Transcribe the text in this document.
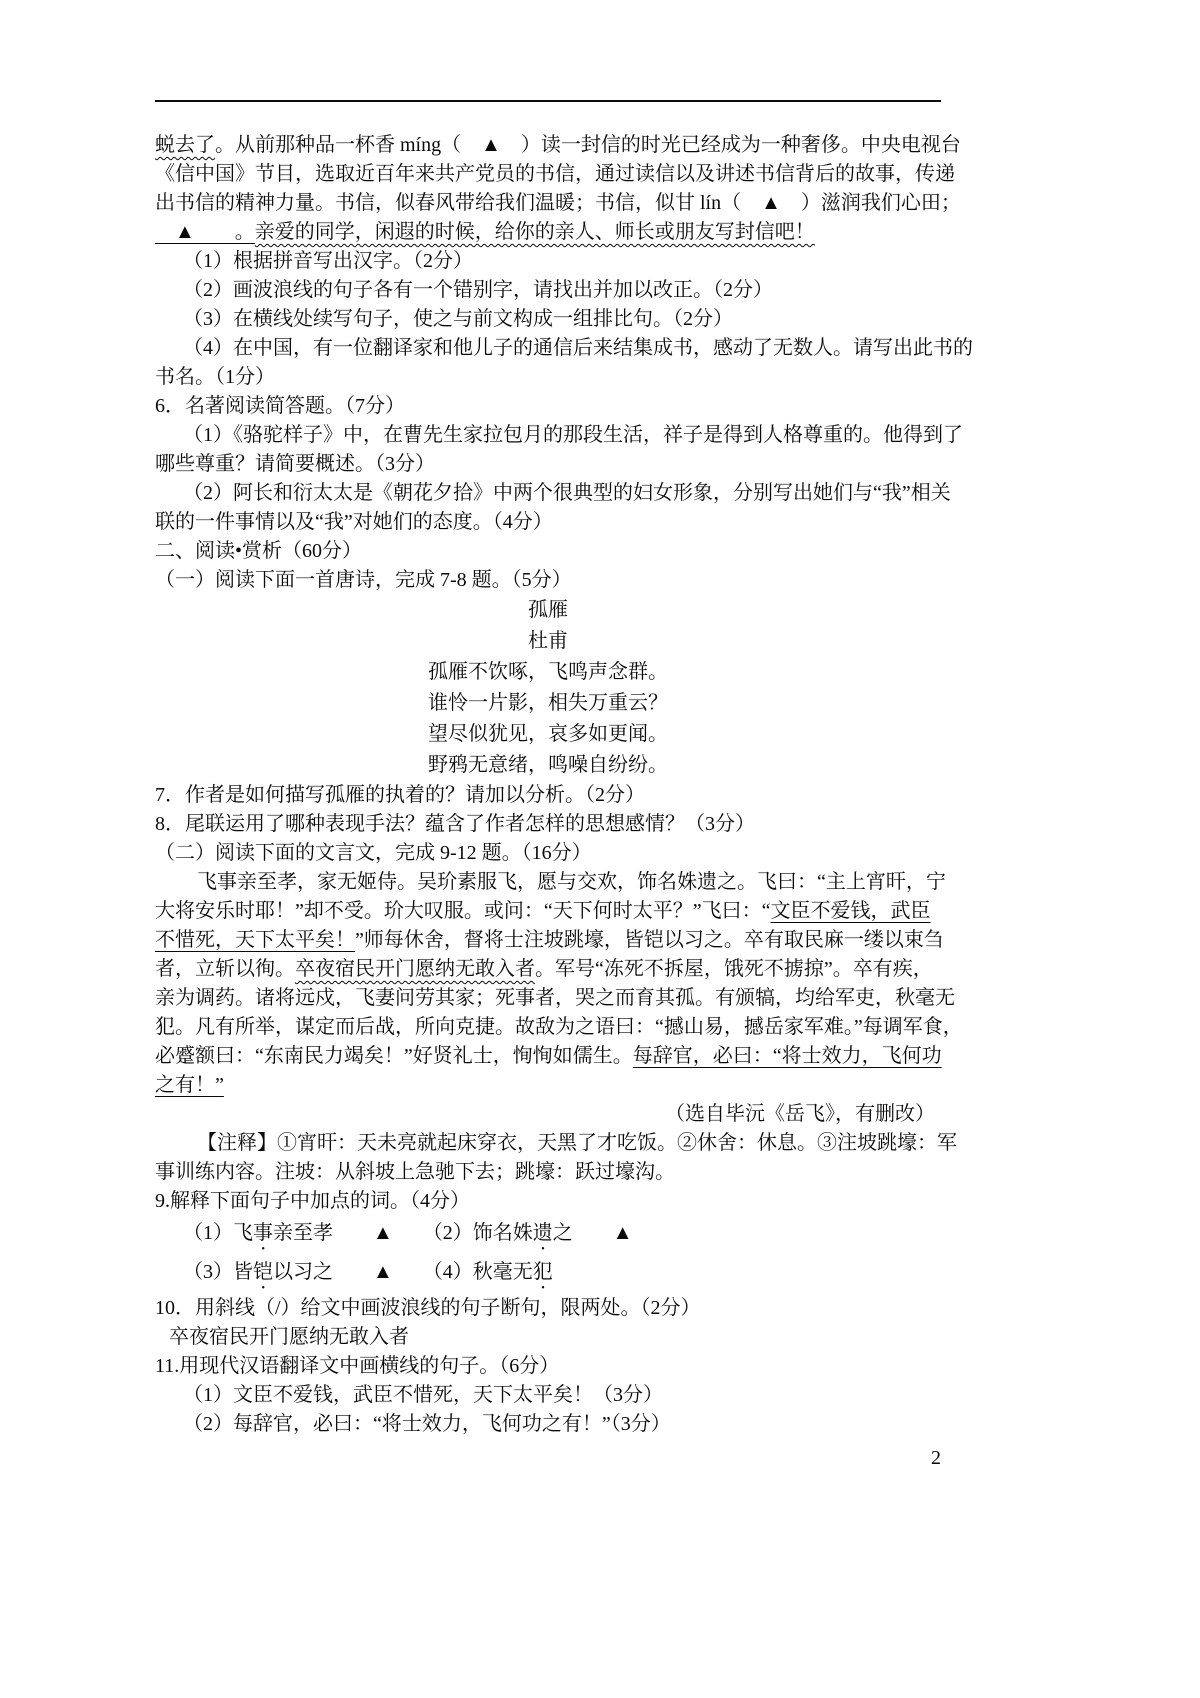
蜕去了。从前那种品一杯香 míng（　▲　）读一封信的时光已经成为一种奢侈。中央电视台
《信中国》节目，选取近百年来共产党员的书信，通过读信以及讲述书信背后的故事，传递
出书信的精神力量。书信，似春风带给我们温暖；书信，似甘 lín（　▲　）滋润我们心田；
　▲　　。亲爱的同学，闲遐的时候，给你的亲人、师长或朋友写封信吧！
（1）根据拼音写出汉字。（2分）
（2）画波浪线的句子各有一个错别字，请找出并加以改正。（2分）
（3）在横线处续写句子，使之与前文构成一组排比句。（2分）
（4）在中国，有一位翻译家和他儿子的通信后来结集成书，感动了无数人。请写出此书的
书名。（1分）
6．名著阅读简答题。（7分）
（1）《骆驼样子》中，在曹先生家拉包月的那段生活，祥子是得到人格尊重的。他得到了
哪些尊重？请简要概述。（3分）
（2）阿长和衍太太是《朝花夕拾》中两个很典型的妇女形象，分别写出她们与“我”相关
联的一件事情以及“我”对她们的态度。（4分）
二、阅读•赏析（60分）
（一）阅读下面一首唐诗，完成 7-8 题。（5分）
孤雁
杜甫
孤雁不饮啄，飞鸣声念群。
谁怜一片影，相失万重云？
望尽似犹见，哀多如更闻。
野鸦无意绪，鸣噪自纷纷。
7．作者是如何描写孤雁的执着的？请加以分析。（2分）
8．尾联运用了哪种表现手法？蕴含了作者怎样的思想感情？（3分）
（二）阅读下面的文言文，完成 9-12 题。（16分）
飞事亲至孝，家无姬侍。吴玠素服飞，愿与交欢，饰名姝遗之。飞曰：“主上宵旰，宁
大将安乐时耶！”却不受。玠大叹服。或问：“天下何时太平？”飞曰：“文臣不爱钱，武臣
不惜死，天下太平矣！”师每休舍，督将士注坡跳壕，皆铠以习之。卒有取民麻一缕以束刍
者，立斩以徇。卒夜宿民开门愿纳无敢入者。军号“冻死不拆屋，饿死不掳掠”。卒有疾，
亲为调药。诸将远戍，飞妻问劳其家；死事者，哭之而育其孤。有颁犒，均给军吏，秋毫无
犯。凡有所举，谋定而后战，所向克捷。故敌为之语曰：“撼山易，撼岳家军难。”每调军食，
必蹙额曰：“东南民力竭矣！”好贤礼士，恂恂如儒生。每辞官，必曰：“将士效力，飞何功
之有！”
（选自毕沅《岳飞》，有删改）
【注释】①宵旰：天未亮就起床穿衣，天黑了才吃饭。②休舍：休息。③注坡跳壕：军
事训练内容。注坡：从斜坡上急驰下去；跳壕：跃过壕沟。
9.解释下面句子中加点的词。（4分）
（1）飞事亲至孝　　▲　　（2）饰名姝遗之　　▲
（3）皆铠以习之　　▲　　（4）秋毫无犯
10．用斜线（/）给文中画波浪线的句子断句，限两处。（2分）
卒夜宿民开门愿纳无敢入者
11.用现代汉语翻译文中画横线的句子。（6分）
（1）文臣不爱钱，武臣不惜死，天下太平矣！（3分）
（2）每辞官，必曰：“将士效力，飞何功之有！”（3分）
2
